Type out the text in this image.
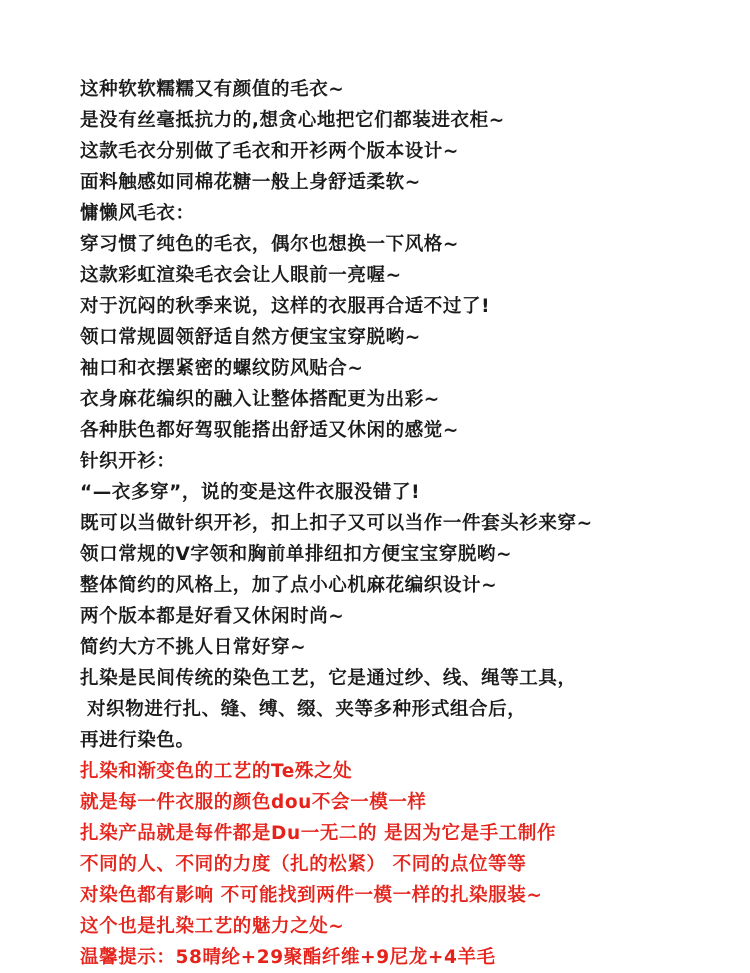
这种软软糯糯又有颜值的毛衣~
是没有丝毫抵抗力的,想贪心地把它们都装进衣柜~
这款毛衣分别做了毛衣和开衫两个版本设计~
面料触感如同棉花糖一般上身舒适柔软~
慵懒风毛衣：
穿习惯了纯色的毛衣，偶尔也想换一下风格~
这款彩虹渲染毛衣会让人眼前一亮喔~
对于沉闷的秋季来说，这样的衣服再合适不过了!
领口常规圆领舒适自然方便宝宝穿脱哟~
袖口和衣摆紧密的螺纹防风贴合~
衣身麻花编织的融入让整体搭配更为出彩~
各种肤色都好驾驭能搭出舒适又休闲的感觉~
针织开衫：
“—衣多穿”，说的变是这件衣服没错了!
既可以当做针织开衫，扣上扣子又可以当作一件套头衫来穿~
领口常规的V字领和胸前单排纽扣方便宝宝穿脱哟~
整体简约的风格上，加了点小心机麻花编织设计~
两个版本都是好看又休闲时尚~
简约大方不挑人日常好穿~
扎染是民间传统的染色工艺，它是通过纱、线、绳等工具，
对织物进行扎、缝、缚、缀、夹等多种形式组合后，
再进行染色。
扎染和渐变色的工艺的Te殊之处
就是每一件衣服的颜色dou不会一模一样
扎染产品就是每件都是Du一无二的 是因为它是手工制作
不同的人、不同的力度（扎的松紧） 不同的点位等等
对染色都有影响 不可能找到两件一模一样的扎染服装~
这个也是扎染工艺的魅力之处~
温馨提示：58晴纶+29聚酯纤维+9尼龙+4羊毛
